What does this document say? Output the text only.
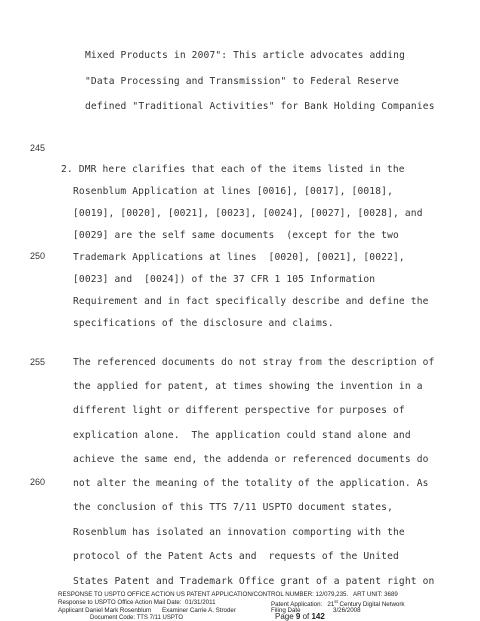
Mixed Products in 2007": This article advocates adding
"Data Processing and Transmission" to Federal Reserve
defined "Traditional Activities" for Bank Holding Companies
245
2. DMR here clarifies that each of the items listed in the
Rosenblum Application at lines [0016], [0017], [0018],
[0019], [0020], [0021], [0023], [0024], [0027], [0028], and
[0029] are the self same documents  (except for the two
250	Trademark Applications at lines  [0020], [0021], [0022],
[0023] and  [0024]) of the 37 CFR 1 105 Information
Requirement and in fact specifically describe and define the
specifications of the disclosure and claims.
255	The referenced documents do not stray from the description of
the applied for patent, at times showing the invention in a
different light or different perspective for purposes of
explication alone.  The application could stand alone and
achieve the same end, the addenda or referenced documents do
260	not alter the meaning of the totality of the application. As
the conclusion of this TTS 7/11 USPTO document states,
Rosenblum has isolated an innovation comporting with the
protocol of the Patent Acts and  requests of the United
States Patent and Trademark Office grant of a patent right on
RESPONSE TO USPTO OFFICE ACTION US PATENT APPLICATION/CONTROL NUMBER: 12/079,235.   ART UNIT: 3689
Response to USPTO Office Action Mail Date:  01/31/2011	Patent Application:   21st Century Digital Network
Applicant Daniel Mark Rosenblum Examiner Carrie A. Stroder	Filing Date	3/26/2008
Document Code: TTS 7/11 USPTO	Page 9 of 142
